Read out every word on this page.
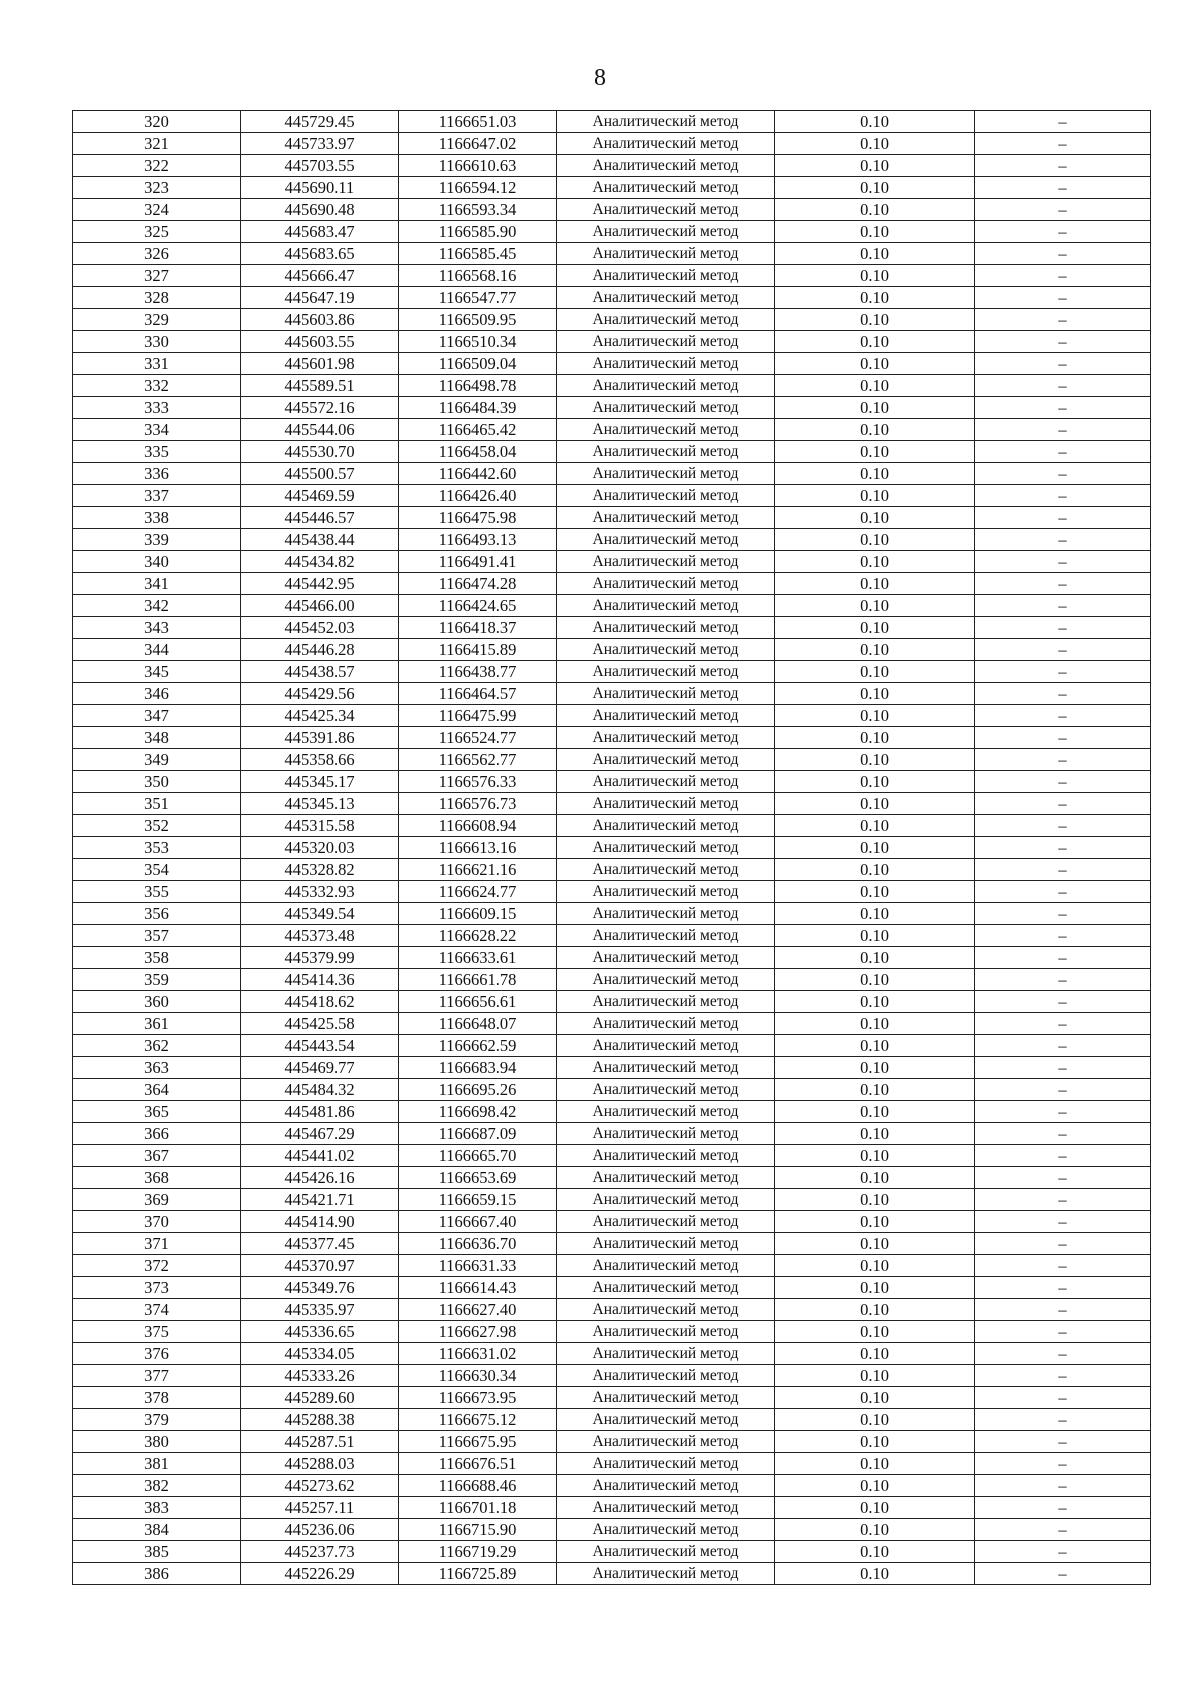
8
320	445729.45	1166651.03	Аналитический метод	0.10	–
321	445733.97	1166647.02	Аналитический метод	0.10	–
322	445703.55	1166610.63	Аналитический метод	0.10	–
323	445690.11	1166594.12	Аналитический метод	0.10	–
324	445690.48	1166593.34	Аналитический метод	0.10	–
325	445683.47	1166585.90	Аналитический метод	0.10	–
326	445683.65	1166585.45	Аналитический метод	0.10	–
327	445666.47	1166568.16	Аналитический метод	0.10	–
328	445647.19	1166547.77	Аналитический метод	0.10	–
329	445603.86	1166509.95	Аналитический метод	0.10	–
330	445603.55	1166510.34	Аналитический метод	0.10	–
331	445601.98	1166509.04	Аналитический метод	0.10	–
332	445589.51	1166498.78	Аналитический метод	0.10	–
333	445572.16	1166484.39	Аналитический метод	0.10	–
334	445544.06	1166465.42	Аналитический метод	0.10	–
335	445530.70	1166458.04	Аналитический метод	0.10	–
336	445500.57	1166442.60	Аналитический метод	0.10	–
337	445469.59	1166426.40	Аналитический метод	0.10	–
338	445446.57	1166475.98	Аналитический метод	0.10	–
339	445438.44	1166493.13	Аналитический метод	0.10	–
340	445434.82	1166491.41	Аналитический метод	0.10	–
341	445442.95	1166474.28	Аналитический метод	0.10	–
342	445466.00	1166424.65	Аналитический метод	0.10	–
343	445452.03	1166418.37	Аналитический метод	0.10	–
344	445446.28	1166415.89	Аналитический метод	0.10	–
345	445438.57	1166438.77	Аналитический метод	0.10	–
346	445429.56	1166464.57	Аналитический метод	0.10	–
347	445425.34	1166475.99	Аналитический метод	0.10	–
348	445391.86	1166524.77	Аналитический метод	0.10	–
349	445358.66	1166562.77	Аналитический метод	0.10	–
350	445345.17	1166576.33	Аналитический метод	0.10	–
351	445345.13	1166576.73	Аналитический метод	0.10	–
352	445315.58	1166608.94	Аналитический метод	0.10	–
353	445320.03	1166613.16	Аналитический метод	0.10	–
354	445328.82	1166621.16	Аналитический метод	0.10	–
355	445332.93	1166624.77	Аналитический метод	0.10	–
356	445349.54	1166609.15	Аналитический метод	0.10	–
357	445373.48	1166628.22	Аналитический метод	0.10	–
358	445379.99	1166633.61	Аналитический метод	0.10	–
359	445414.36	1166661.78	Аналитический метод	0.10	–
360	445418.62	1166656.61	Аналитический метод	0.10	–
361	445425.58	1166648.07	Аналитический метод	0.10	–
362	445443.54	1166662.59	Аналитический метод	0.10	–
363	445469.77	1166683.94	Аналитический метод	0.10	–
364	445484.32	1166695.26	Аналитический метод	0.10	–
365	445481.86	1166698.42	Аналитический метод	0.10	–
366	445467.29	1166687.09	Аналитический метод	0.10	–
367	445441.02	1166665.70	Аналитический метод	0.10	–
368	445426.16	1166653.69	Аналитический метод	0.10	–
369	445421.71	1166659.15	Аналитический метод	0.10	–
370	445414.90	1166667.40	Аналитический метод	0.10	–
371	445377.45	1166636.70	Аналитический метод	0.10	–
372	445370.97	1166631.33	Аналитический метод	0.10	–
373	445349.76	1166614.43	Аналитический метод	0.10	–
374	445335.97	1166627.40	Аналитический метод	0.10	–
375	445336.65	1166627.98	Аналитический метод	0.10	–
376	445334.05	1166631.02	Аналитический метод	0.10	–
377	445333.26	1166630.34	Аналитический метод	0.10	–
378	445289.60	1166673.95	Аналитический метод	0.10	–
379	445288.38	1166675.12	Аналитический метод	0.10	–
380	445287.51	1166675.95	Аналитический метод	0.10	–
381	445288.03	1166676.51	Аналитический метод	0.10	–
382	445273.62	1166688.46	Аналитический метод	0.10	–
383	445257.11	1166701.18	Аналитический метод	0.10	–
384	445236.06	1166715.90	Аналитический метод	0.10	–
385	445237.73	1166719.29	Аналитический метод	0.10	–
386	445226.29	1166725.89	Аналитический метод	0.10	–
